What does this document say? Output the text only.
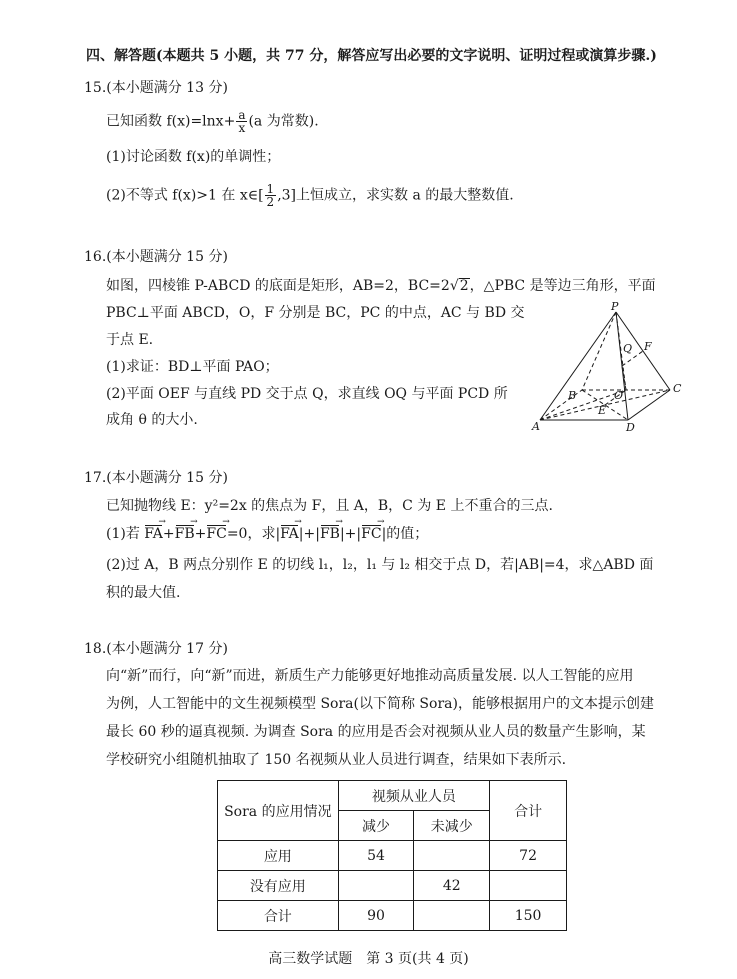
四、解答题(本题共 5 小题，共 77 分，解答应写出必要的文字说明、证明过程或演算步骤.)
15.(本小题满分 13 分)
已知函数 $f(x)=\ln x+ \frac{a}{x} (a$ 为常数).
(1)讨论函数 f(x)的单调性；
(2)不等式 f(x)>1 在 x∈[ $\frac{1}{2} ,3$]上恒成立，求实数 a 的最大整数值.
16.(本小题满分 15 分)
如图，四棱锥 P-ABCD 的底面是矩形，AB=2，BC=2√2，△PBC 是等边三角形，平面
PBC⊥平面 ABCD，O，F 分别是 BC，PC 的中点，AC 与 BD 交
于点 E.
(1)求证：BD⊥平面 PAO；
(2)平面 OEF 与直线 PD 交于点 Q，求直线 OQ 与平面 PCD 所
成角 θ 的大小.
P
Q F
B	O
C
E
A	D
17.(本小题满分 15 分)
已知抛物线 E：y²=2x 的焦点为 F，且 A，B，C 为 E 上不重合的三点.
(1)若 FA
→
+FB
→
+FC
→
=0，求|FA
→
|+|FB
→
|+|FC
→
|的值；
(2)过 A，B 两点分别作 E 的切线 l₁，l₂，l₁ 与 l₂ 相交于点 D，若|AB|=4，求△ABD 面
积的最大值.
18.(本小题满分 17 分)
向“新”而行，向“新”而进，新质生产力能够更好地推动高质量发展. 以人工智能的应用
为例，人工智能中的文生视频模型 Sora(以下简称 Sora)，能够根据用户的文本提示创建
最长 60 秒的逼真视频. 为调查 Sora 的应用是否会对视频从业人员的数量产生影响，某
学校研究小组随机抽取了 150 名视频从业人员进行调查，结果如下表所示.
Sora 的应用情况	视频从业人员		合计
	减少	未减少	
应用	54		72
没有应用		42	
合计	90		150
高三数学试题　第 3 页(共 4 页)
